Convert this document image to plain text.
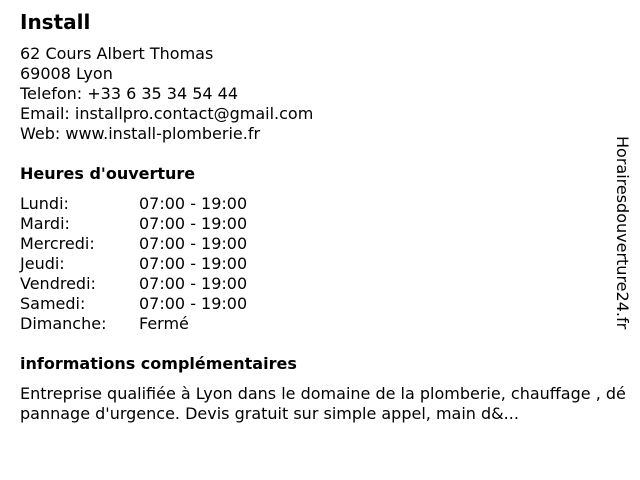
Install
62 Cours Albert Thomas
69008 Lyon
Telefon: +33 6 35 34 54 44
Email: installpro.contact@gmail.com
Web: www.install-plomberie.fr
Heures d'ouverture
Lundi:	07:00 - 19:00
Mardi:	07:00 - 19:00
Mercredi:	07:00 - 19:00
Jeudi:	07:00 - 19:00
Vendredi:	07:00 - 19:00
Samedi:	07:00 - 19:00
Dimanche:	Fermé
informations complémentaires
Entreprise qualifiée à Lyon dans le domaine de la plomberie, chauffage , dépannage d'urgence. Devis gratuit sur simple appel, main d&...
Horairesdouverture24.fr
